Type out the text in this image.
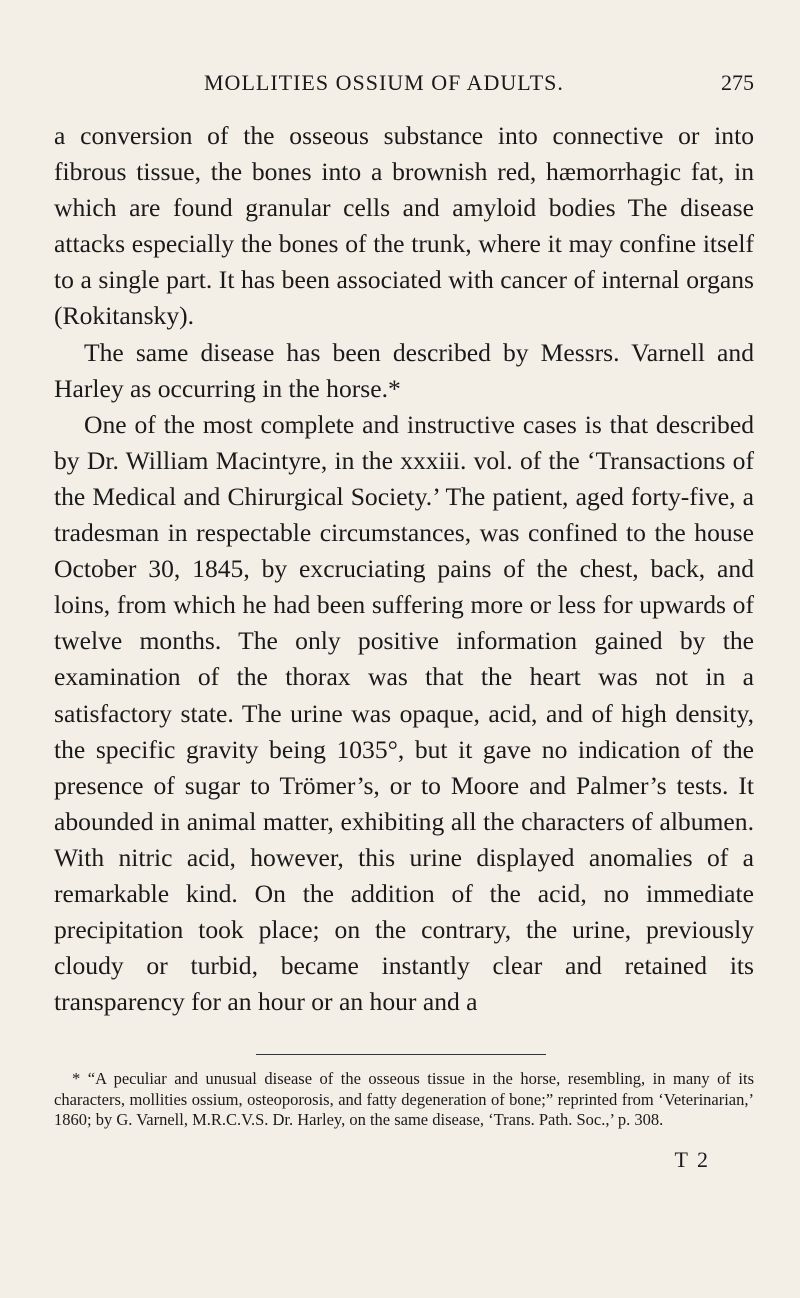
MOLLITIES OSSIUM OF ADULTS.	275

a conversion of the osseous substance into connective or into fibrous tissue, the bones into a brownish red, hæmorrhagic fat, in which are found granular cells and amyloid bodies The disease attacks especially the bones of the trunk, where it may confine itself to a single part. It has been associated with cancer of internal organs (Rokitansky).

The same disease has been described by Messrs. Varnell and Harley as occurring in the horse.*

One of the most complete and instructive cases is that described by Dr. William Macintyre, in the xxxiii. vol. of the ‘Transactions of the Medical and Chirurgical Society.’ The patient, aged forty-five, a tradesman in respectable circumstances, was confined to the house October 30, 1845, by excruciating pains of the chest, back, and loins, from which he had been suffering more or less for upwards of twelve months. The only positive information gained by the examination of the thorax was that the heart was not in a satisfactory state. The urine was opaque, acid, and of high density, the specific gravity being 1035°, but it gave no indication of the presence of sugar to Trömer’s, or to Moore and Palmer’s tests. It abounded in animal matter, exhibiting all the characters of albumen. With nitric acid, however, this urine displayed anomalies of a remarkable kind. On the addition of the acid, no immediate precipitation took place; on the contrary, the urine, previously cloudy or turbid, became instantly clear and retained its transparency for an hour or an hour and a

* “A peculiar and unusual disease of the osseous tissue in the horse, resembling, in many of its characters, mollities ossium, osteoporosis, and fatty degeneration of bone;” reprinted from ‘Veterinarian,’ 1860; by G. Varnell, M.R.C.V.S. Dr. Harley, on the same disease, ‘Trans. Path. Soc.,’ p. 308.

T 2
